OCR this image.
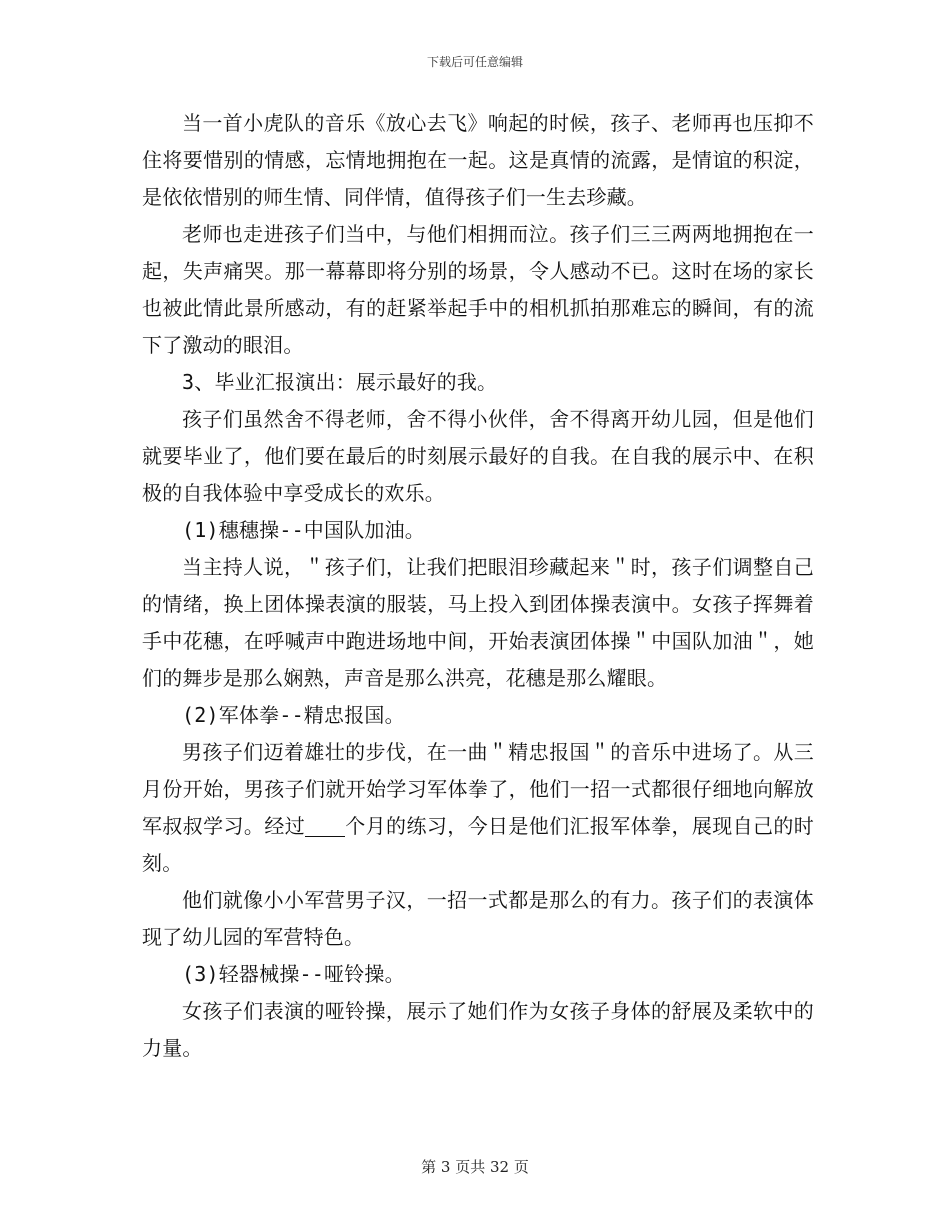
下载后可任意编辑

当一首小虎队的音乐《放心去飞》响起的时候，孩子、老师再也压抑不住将要惜别的情感，忘情地拥抱在一起。这是真情的流露，是情谊的积淀，是依依惜别的师生情、同伴情，值得孩子们一生去珍藏。

老师也走进孩子们当中，与他们相拥而泣。孩子们三三两两地拥抱在一起，失声痛哭。那一幕幕即将分别的场景，令人感动不已。这时在场的家长也被此情此景所感动，有的赶紧举起手中的相机抓拍那难忘的瞬间，有的流下了激动的眼泪。

3、毕业汇报演出：展示最好的我。

孩子们虽然舍不得老师，舍不得小伙伴，舍不得离开幼儿园，但是他们就要毕业了，他们要在最后的时刻展示最好的自我。在自我的展示中、在积极的自我体验中享受成长的欢乐。

(1)穗穗操--中国队加油。

当主持人说，＂孩子们，让我们把眼泪珍藏起来＂时，孩子们调整自己的情绪，换上团体操表演的服装，马上投入到团体操表演中。女孩子挥舞着手中花穗，在呼喊声中跑进场地中间，开始表演团体操＂中国队加油＂，她们的舞步是那么娴熟，声音是那么洪亮，花穗是那么耀眼。

(2)军体拳--精忠报国。

男孩子们迈着雄壮的步伐，在一曲＂精忠报国＂的音乐中进场了。从三月份开始，男孩子们就开始学习军体拳了，他们一招一式都很仔细地向解放军叔叔学习。经过 个月的练习，今日是他们汇报军体拳，展现自己的时刻。

他们就像小小军营男子汉，一招一式都是那么的有力。孩子们的表演体现了幼儿园的军营特色。

(3)轻器械操--哑铃操。

女孩子们表演的哑铃操，展示了她们作为女孩子身体的舒展及柔软中的力量。

第 3 页共 32 页
